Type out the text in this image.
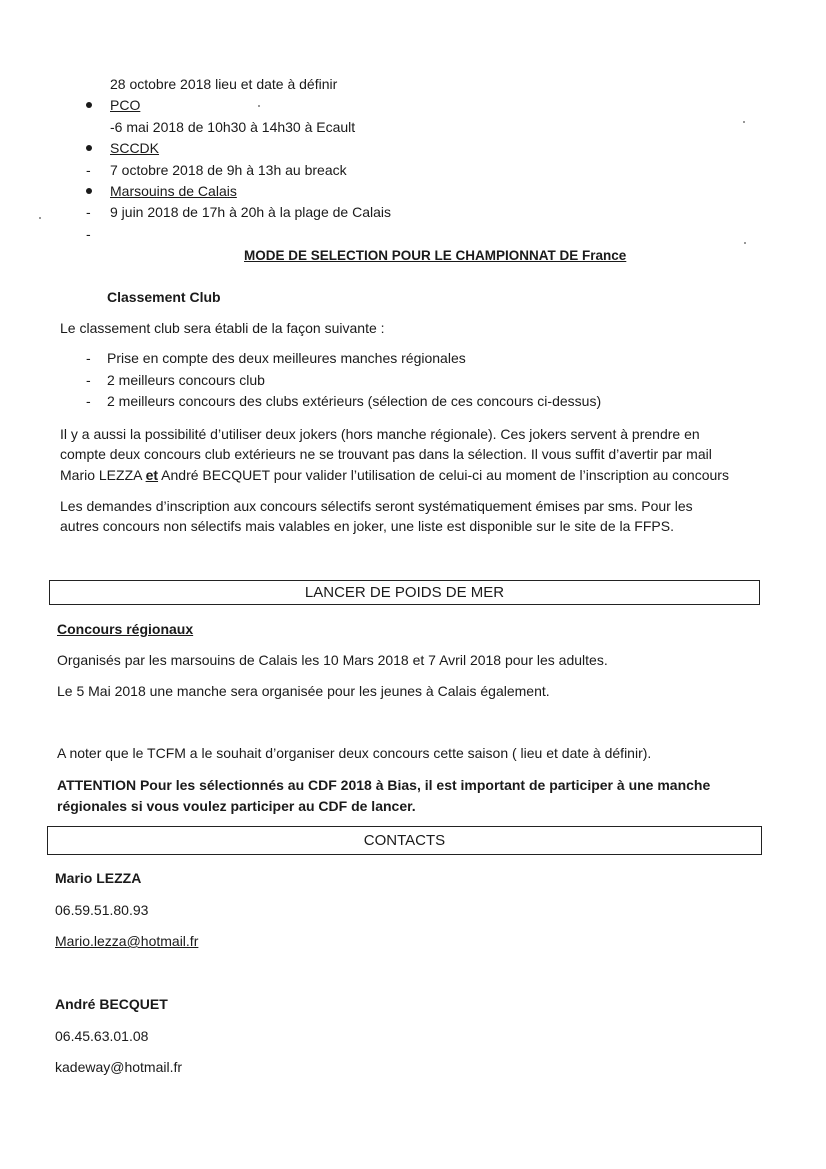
28 octobre 2018 lieu et date à définir
PCO
-6 mai 2018 de 10h30 à 14h30 à Ecault
SCCDK
- 7 octobre 2018 de 9h à 13h au breack
Marsouins de Calais
- 9 juin 2018 de 17h à 20h à la plage de Calais
-
MODE DE SELECTION POUR LE CHAMPIONNAT DE France
Classement Club
Le classement club sera établi de la façon suivante :
- Prise en compte des deux meilleures manches régionales
- 2 meilleurs concours club
- 2 meilleurs concours des clubs extérieurs (sélection de ces concours ci-dessus)
Il y a aussi la possibilité d’utiliser deux jokers (hors manche régionale). Ces jokers servent à prendre en
compte deux concours club extérieurs ne se trouvant pas dans la sélection. Il vous suffit d’avertir par mail
Mario LEZZA et André BECQUET pour valider l’utilisation de celui-ci au moment de l’inscription au concours
Les demandes d’inscription aux concours sélectifs seront systématiquement émises par sms. Pour les
autres concours non sélectifs mais valables en joker, une liste est disponible sur le site de la FFPS.
LANCER DE POIDS DE MER
Concours régionaux
Organisés par les marsouins de Calais les 10 Mars 2018 et 7 Avril 2018 pour les adultes.
Le 5 Mai 2018 une manche sera organisée pour les jeunes à Calais également.
A noter que le TCFM a le souhait d’organiser deux concours cette saison ( lieu et date à définir).
ATTENTION Pour les sélectionnés au CDF 2018 à Bias, il est important de participer à une manche
régionales si vous voulez participer au CDF de lancer.
CONTACTS
Mario LEZZA
06.59.51.80.93
Mario.lezza@hotmail.fr
André BECQUET
06.45.63.01.08
kadeway@hotmail.fr
